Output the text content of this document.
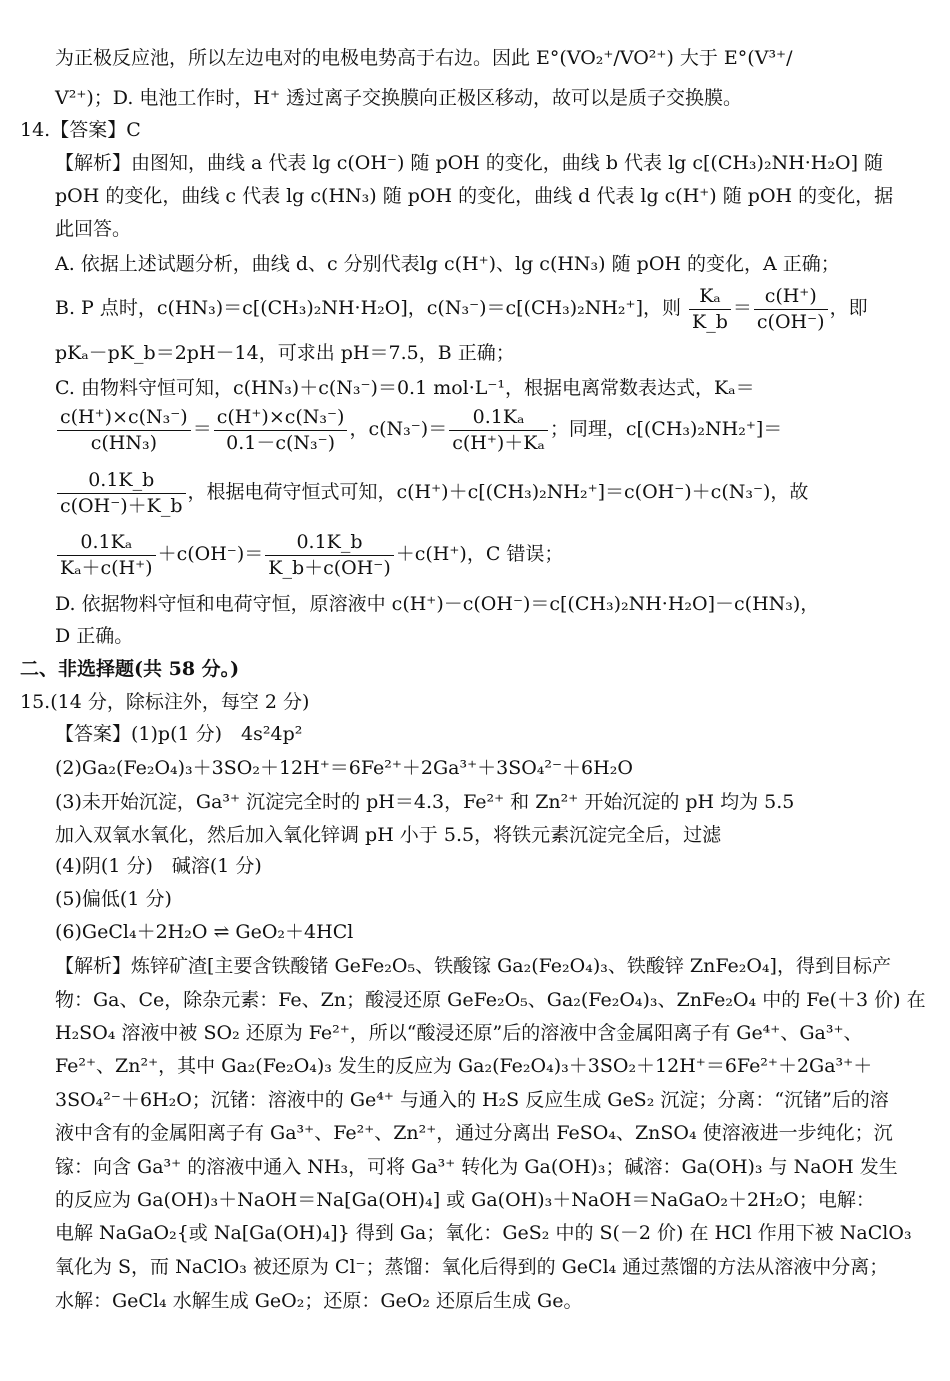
为正极反应池，所以左边电对的电极电势高于右边。因此 E°(VO₂⁺/VO²⁺) 大于 E°(V³⁺/
V²⁺)；D. 电池工作时，H⁺ 透过离子交换膜向正极区移动，故可以是质子交换膜。
14.【答案】C
【解析】由图知，曲线 a 代表 lg c(OH⁻) 随 pOH 的变化，曲线 b 代表 lg c[(CH₃)₂NH·H₂O] 随
pOH 的变化，曲线 c 代表 lg c(HN₃) 随 pOH 的变化，曲线 d 代表 lg c(H⁺) 随 pOH 的变化，据
此回答。
A. 依据上述试题分析，曲线 d、c 分别代表lg c(H⁺)、lg c(HN₃) 随 pOH 的变化，A 正确；
B. P 点时，c(HN₃)＝c[(CH₃)₂NH·H₂O]，c(N₃⁻)＝c[(CH₃)₂NH₂⁺]，则 $\frac{\text{Kₐ}}{K\_b} = \frac{c(H^+)}{c(OH^-)}$ ，即
pKₐ－pK_b＝2pH－14，可求出 pH＝7.5，B 正确；
C. 由物料守恒可知，c(HN₃)＋c(N₃⁻)＝0.1 mol·L⁻¹，根据电离常数表达式，Kₐ＝
$\frac{\text{c(H⁺)×c(N₃⁻)}}{\text{c(HN₃)}} = \frac{\text{c(H⁺)×c(N₃⁻)}}{\text{0.1－c(N₃⁻)}}$ ，$c(N_3^-)= \frac{\text{0.1Kₐ}}{\text{c(H⁺)＋Kₐ}}$ ；同理，c[(CH₃)₂NH₂⁺]＝
$\frac{0.1K\_b}{c(OH^-)+K\_b}$ ，根据电荷守恒式可知，c(H⁺)＋c[(CH₃)₂NH₂⁺]＝c(OH⁻)＋c(N₃⁻)，故
$\frac{\text{0.1Kₐ}}{\text{Kₐ＋c(H⁺)}} +c(OH^-)= \frac{0.1K\_b}{K\_b+c(OH^-)} +c(H^+)$，C 错误；
D. 依据物料守恒和电荷守恒，原溶液中 c(H⁺)－c(OH⁻)＝c[(CH₃)₂NH·H₂O]－c(HN₃)，
D 正确。
二、非选择题(共 58 分。)
15.(14 分，除标注外，每空 2 分)
【答案】(1)p(1 分)　4s²4p²
(2)Ga₂(Fe₂O₄)₃＋3SO₂＋12H⁺＝6Fe²⁺＋2Ga³⁺＋3SO₄²⁻＋6H₂O
(3)未开始沉淀，Ga³⁺ 沉淀完全时的 pH＝4.3，Fe²⁺ 和 Zn²⁺ 开始沉淀的 pH 均为 5.5
加入双氧水氧化，然后加入氧化锌调 pH 小于 5.5，将铁元素沉淀完全后，过滤
(4)阴(1 分)　碱溶(1 分)
(5)偏低(1 分)
(6)GeCl₄＋2H₂O ⇌ GeO₂＋4HCl
【解析】炼锌矿渣[主要含铁酸锗 GeFe₂O₅、铁酸镓 Ga₂(Fe₂O₄)₃、铁酸锌 ZnFe₂O₄]，得到目标产
物：Ga、Ce，除杂元素：Fe、Zn；酸浸还原 GeFe₂O₅、Ga₂(Fe₂O₄)₃、ZnFe₂O₄ 中的 Fe(＋3 价) 在
H₂SO₄ 溶液中被 SO₂ 还原为 Fe²⁺，所以“酸浸还原”后的溶液中含金属阳离子有 Ge⁴⁺、Ga³⁺、
Fe²⁺、Zn²⁺，其中 Ga₂(Fe₂O₄)₃ 发生的反应为 Ga₂(Fe₂O₄)₃＋3SO₂＋12H⁺＝6Fe²⁺＋2Ga³⁺＋
3SO₄²⁻＋6H₂O；沉锗：溶液中的 Ge⁴⁺ 与通入的 H₂S 反应生成 GeS₂ 沉淀；分离：“沉锗”后的溶
液中含有的金属阳离子有 Ga³⁺、Fe²⁺、Zn²⁺，通过分离出 FeSO₄、ZnSO₄ 使溶液进一步纯化；沉
镓：向含 Ga³⁺ 的溶液中通入 NH₃，可将 Ga³⁺ 转化为 Ga(OH)₃；碱溶：Ga(OH)₃ 与 NaOH 发生
的反应为 Ga(OH)₃＋NaOH＝Na[Ga(OH)₄] 或 Ga(OH)₃＋NaOH＝NaGaO₂＋2H₂O；电解：
电解 NaGaO₂{或 Na[Ga(OH)₄]} 得到 Ga；氧化：GeS₂ 中的 S(－2 价) 在 HCl 作用下被 NaClO₃
氧化为 S，而 NaClO₃ 被还原为 Cl⁻；蒸馏：氧化后得到的 GeCl₄ 通过蒸馏的方法从溶液中分离；
水解：GeCl₄ 水解生成 GeO₂；还原：GeO₂ 还原后生成 Ge。
